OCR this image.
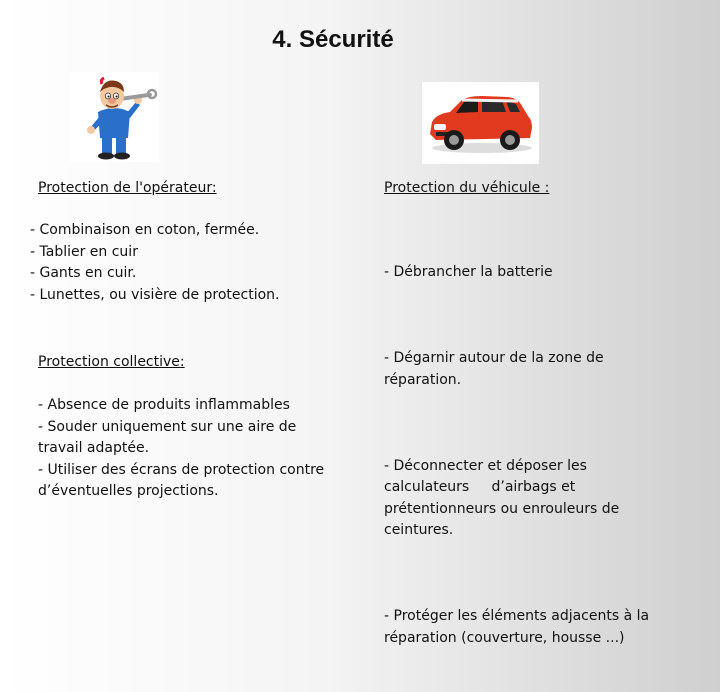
4. Sécurité
Protection de l'opérateur:
- Combinaison en coton, fermée.
- Tablier en cuir
- Gants en cuir.
- Lunettes, ou visière de protection.
Protection collective:
- Absence de produits inflammables
- Souder uniquement sur une aire de travail adaptée.
- Utiliser des écrans de protection contre d’éventuelles projections.
Protection du véhicule :

- Débrancher la batterie

- Dégarnir autour de la zone de réparation.

- Déconnecter et déposer les calculateurs     d’airbags et prétentionneurs ou enrouleurs de ceintures.

- Protéger les éléments adjacents à la réparation (couverture, housse ...)
